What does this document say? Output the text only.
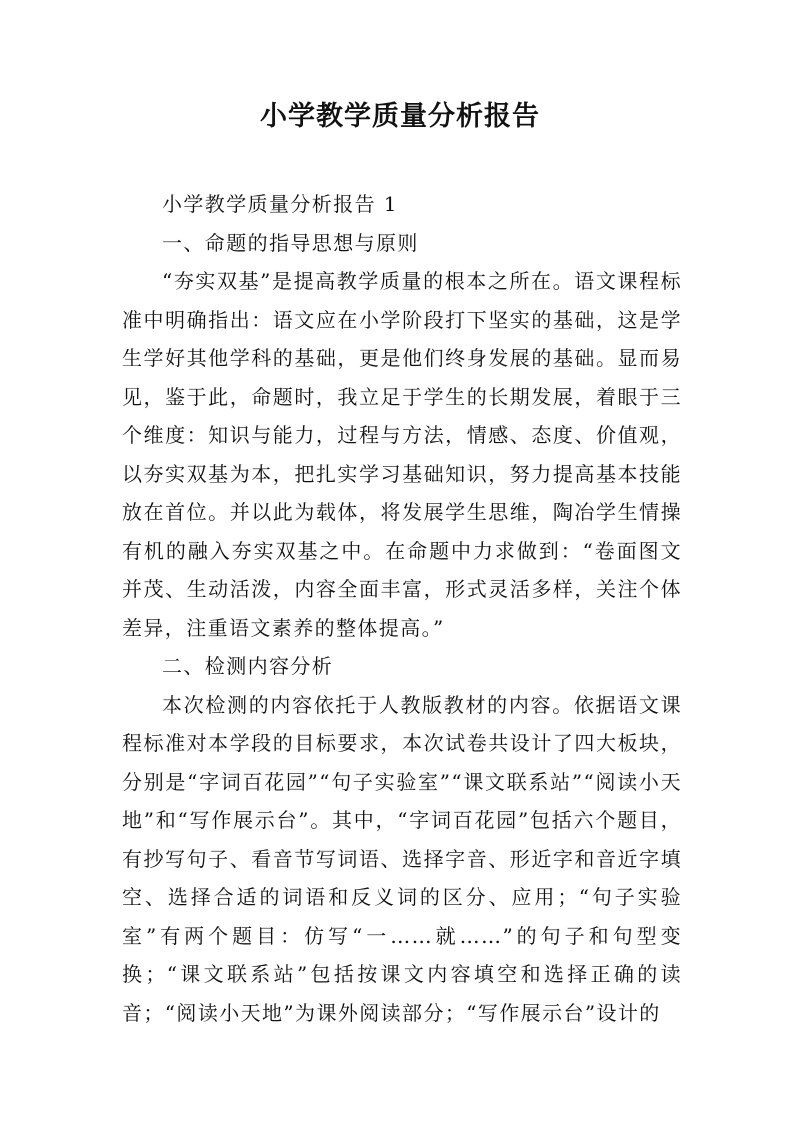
小学教学质量分析报告

小学教学质量分析报告 1

一、命题的指导思想与原则

“夯实双基”是提高教学质量的根本之所在。语文课程标准中明确指出：语文应在小学阶段打下坚实的基础，这是学生学好其他学科的基础，更是他们终身发展的基础。显而易见，鉴于此，命题时，我立足于学生的长期发展，着眼于三个维度：知识与能力，过程与方法，情感、态度、价值观，以夯实双基为本，把扎实学习基础知识，努力提高基本技能放在首位。并以此为载体，将发展学生思维，陶冶学生情操有机的融入夯实双基之中。在命题中力求做到：“卷面图文并茂、生动活泼，内容全面丰富，形式灵活多样，关注个体差异，注重语文素养的整体提高。”

二、检测内容分析

本次检测的内容依托于人教版教材的内容。依据语文课程标准对本学段的目标要求，本次试卷共设计了四大板块，分别是“字词百花园”“句子实验室”“课文联系站”“阅读小天地”和“写作展示台”。其中，“字词百花园”包括六个题目，有抄写句子、看音节写词语、选择字音、形近字和音近字填空、选择合适的词语和反义词的区分、应用；“句子实验室”有两个题目：仿写“一……就……”的句子和句型变换；“课文联系站”包括按课文内容填空和选择正确的读音；“阅读小天地”为课外阅读部分；“写作展示台”设计的
